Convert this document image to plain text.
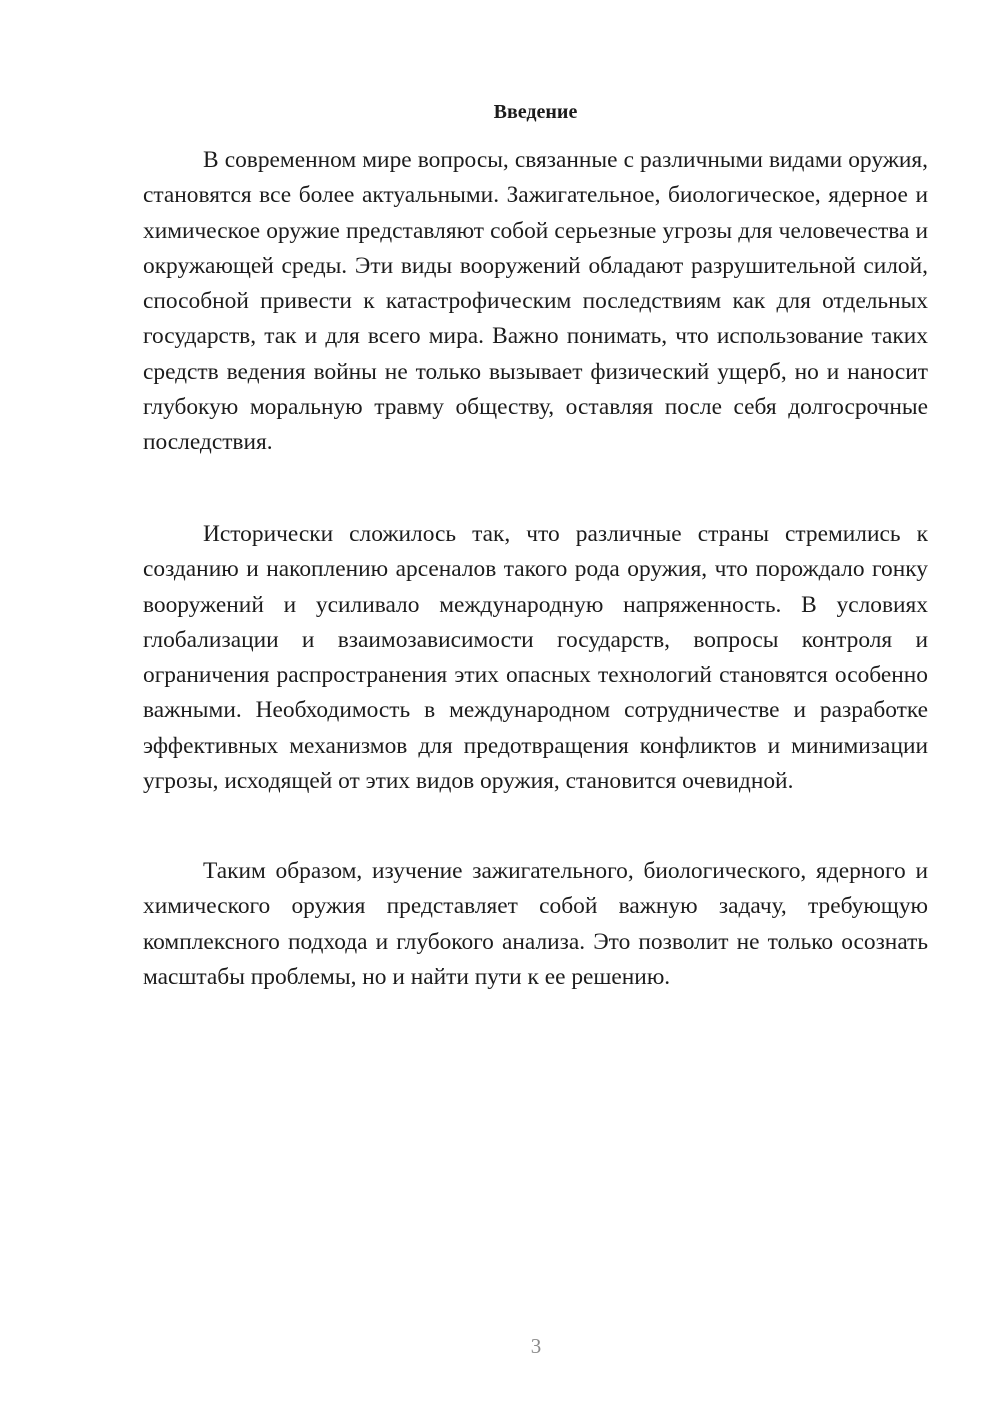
Введение

В современном мире вопросы, связанные с различными видами оружия, становятся все более актуальными. Зажигательное, биологическое, ядерное и химическое оружие представляют собой серьезные угрозы для человечества и окружающей среды. Эти виды вооружений обладают разрушительной силой, способной привести к катастрофическим последствиям как для отдельных государств, так и для всего мира. Важно понимать, что использование таких средств ведения войны не только вызывает физический ущерб, но и наносит глубокую моральную травму обществу, оставляя после себя долгосрочные последствия.

Исторически сложилось так, что различные страны стремились к созданию и накоплению арсеналов такого рода оружия, что порождало гонку вооружений и усиливало международную напряженность. В условиях глобализации и взаимозависимости государств, вопросы контроля и ограничения распространения этих опасных технологий становятся особенно важными. Необходимость в международном сотрудничестве и разработке эффективных механизмов для предотвращения конфликтов и минимизации угрозы, исходящей от этих видов оружия, становится очевидной.

Таким образом, изучение зажигательного, биологического, ядерного и химического оружия представляет собой важную задачу, требующую комплексного подхода и глубокого анализа. Это позволит не только осознать масштабы проблемы, но и найти пути к ее решению.

3
